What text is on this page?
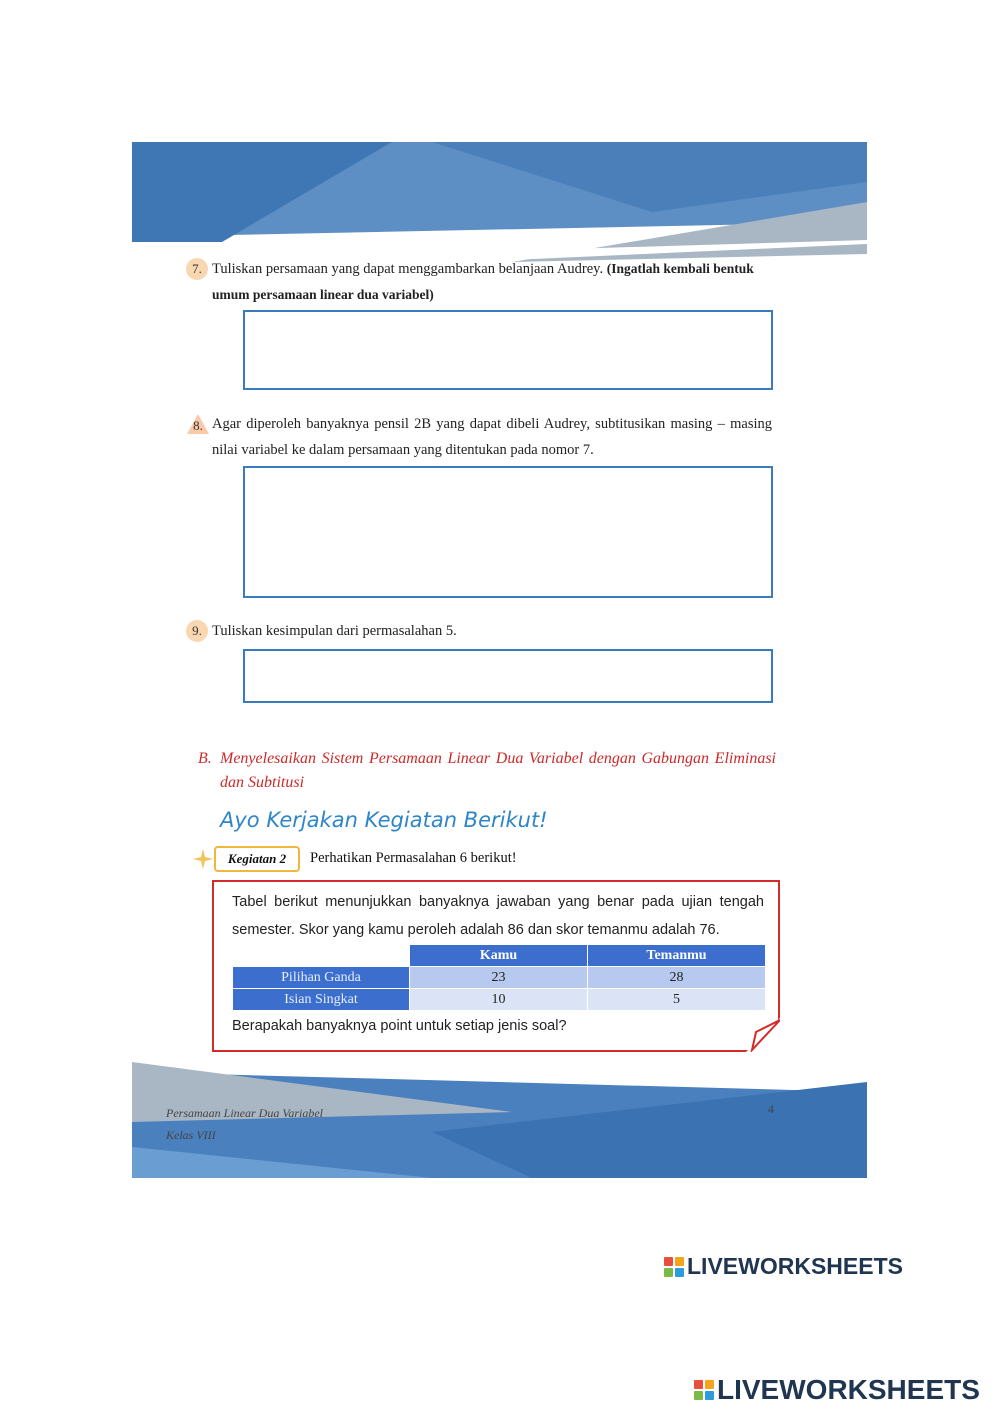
7. Tuliskan persamaan yang dapat menggambarkan belanjaan Audrey. (Ingatlah kembali bentuk umum persamaan linear dua variabel)
8. Agar diperoleh banyaknya pensil 2B yang dapat dibeli Audrey, subtitusikan masing – masing nilai variabel ke dalam persamaan yang ditentukan pada nomor 7.
9. Tuliskan kesimpulan dari permasalahan 5.
B. Menyelesaikan Sistem Persamaan Linear Dua Variabel dengan Gabungan Eliminasi dan Subtitusi
Ayo Kerjakan Kegiatan Berikut!
Kegiatan 2	Perhatikan Permasalahan 6 berikut!
Tabel berikut menunjukkan banyaknya jawaban yang benar pada ujian tengah semester. Skor yang kamu peroleh adalah 86 dan skor temanmu adalah 76.
	Kamu	Temanmu
Pilihan Ganda	23	28
Isian Singkat	10	5
Berapakah banyaknya point untuk setiap jenis soal?
Persamaan Linear Dua Variabel
Kelas VIII
4
LIVEWORKSHEETS
LIVEWORKSHEETS
